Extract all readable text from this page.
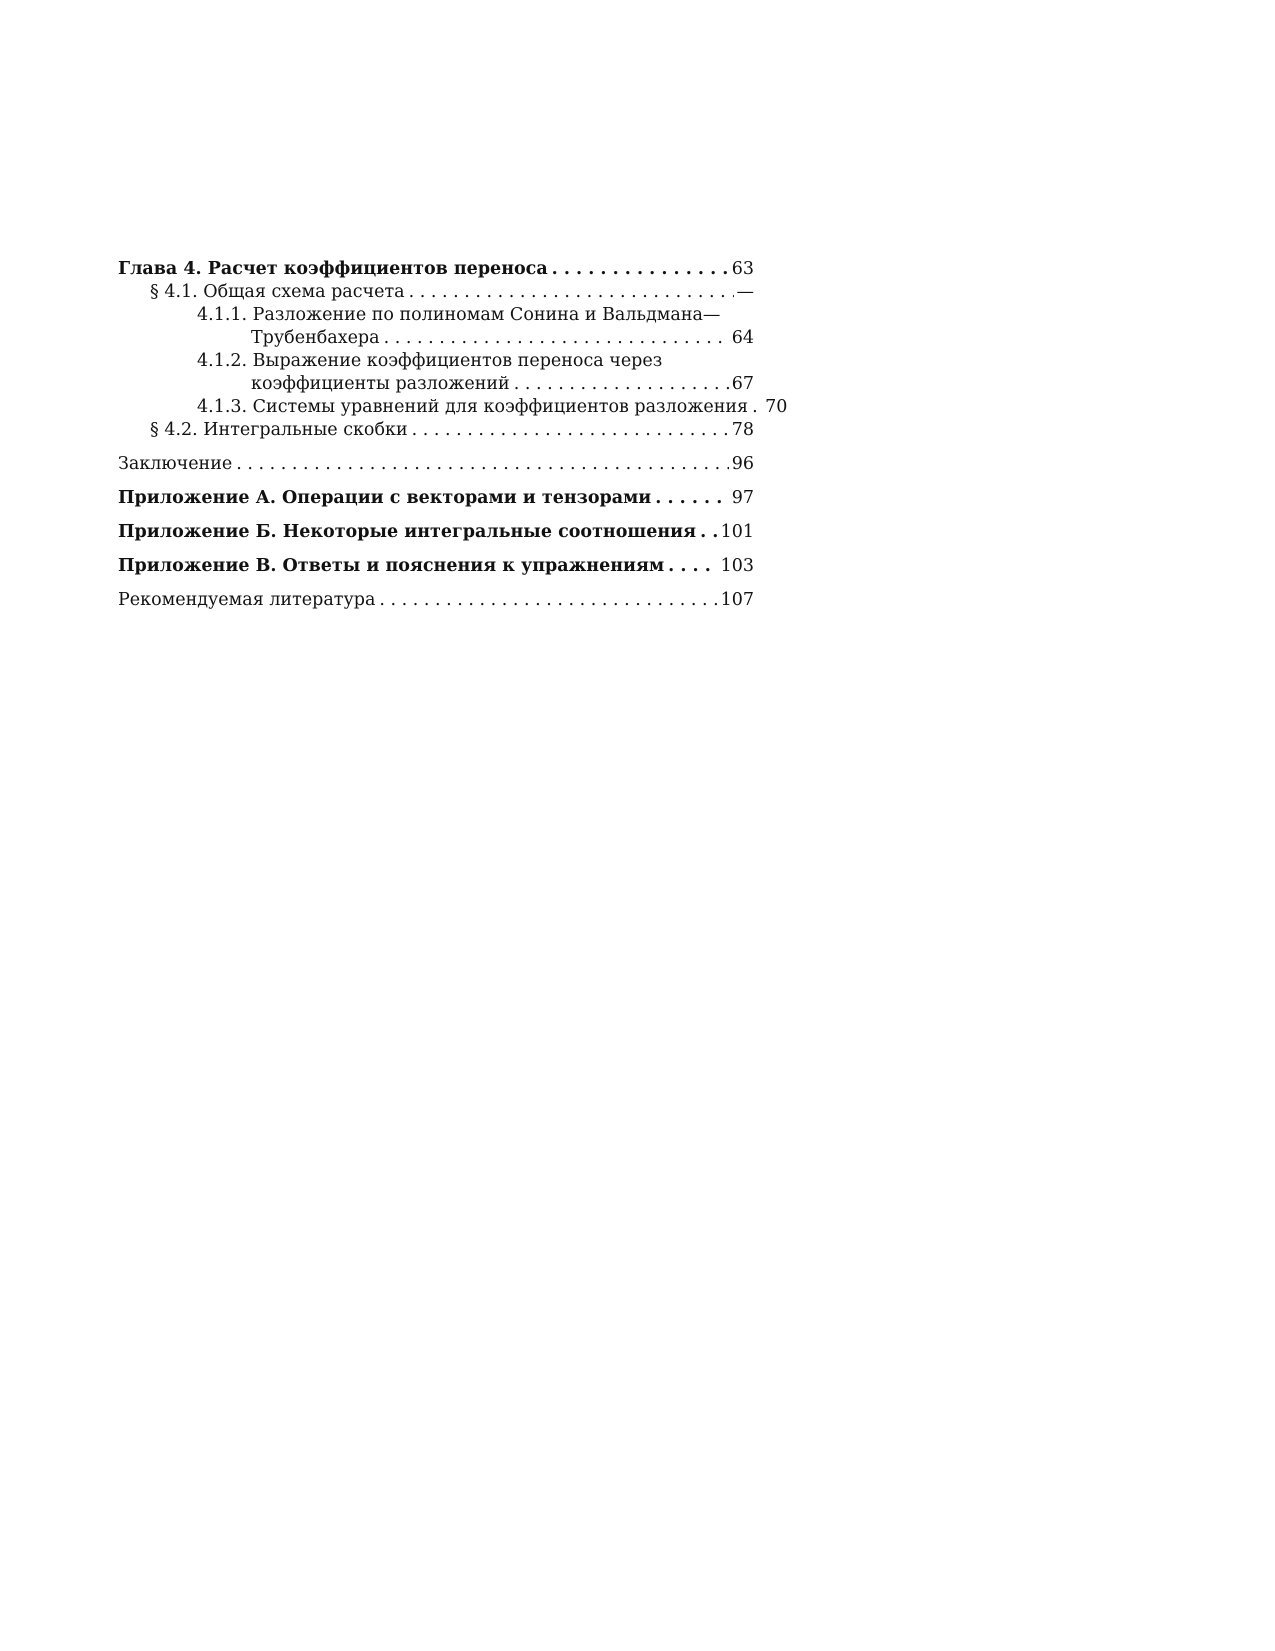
Глава 4. Расчет коэффициентов переноса . . .	63
§ 4.1. Общая схема расчета . . .	—
4.1.1. Разложение по полиномам Сонина и Вальдмана—
Трубенбахера . . .	64
4.1.2. Выражение коэффициентов переноса через
коэффициенты разложений . . .	67
4.1.3. Системы уравнений для коэффициентов разложения . . . 70
§ 4.2. Интегральные скобки . . .	78
Заключение . . .	96
Приложение А. Операции с векторами и тензорами . . .	97
Приложение Б. Некоторые интегральные соотношения . . . 101
Приложение В. Ответы и пояснения к упражнениям . . .	103
Рекомендуемая литература . . .	107
